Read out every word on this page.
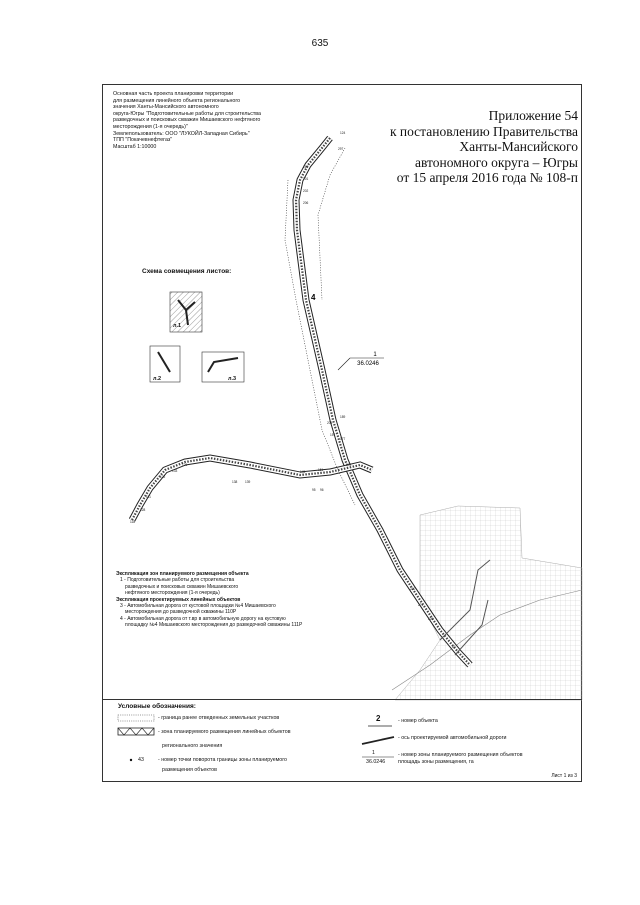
635
1
36.0246
4
124
297
160
201
202
206
189
205
157
177
145	151
178
138 139
95 96
122
133
121
111
128
118
230
221
226
60
Основная часть проекта планировки территории
для размещения линейного объекта регионального
значения Ханты-Мансийского автономного
округа-Югры "Подготовительные работы для строительства
разведочных и поисковых скважин Мишаевского нефтяного
месторождения (1-я очередь)"
Землепользователь: ООО "ЛУКОЙЛ-Западная Сибирь"
ТПП "Покачевнефтегаз"
Масштаб 1:10000
Приложение 54
к постановлению Правительства
Ханты-Мансийского
автономного округа – Югры
от 15 апреля 2016 года № 108-п
Схема совмещения листов:
л.1
л.2	л.3
Экспликация зон планируемого размещения объекта
1 - Подготовительные работы для строительства
разведочных и поисковых скважин Мишаевского
нефтяного месторождения (1-я очередь)
Экспликация проектируемых линейных объектов
3 - Автомобильная дорога от кустовой площадки №4 Мишаевского
месторождения до разведочной скважины 110Р
4 - Автомобильная дорога от т.вр в автомобильную дорогу на кустовую
площадку №4 Мишаевского месторождения до разведочной скважины 111Р
Условные обозначения:
- граница ранее отведенных земельных участков
- зона планируемого размещения линейных объектов
регионального значения
43	- номер точки поворота границы зоны планируемого
размещения объектов
2	- номер объекта
- ось проектируемой автомобильной дороги
1
36.0246
- номер зоны планируемого размещения объектов
площадь зоны размещения, га
Лист 1 из 3
